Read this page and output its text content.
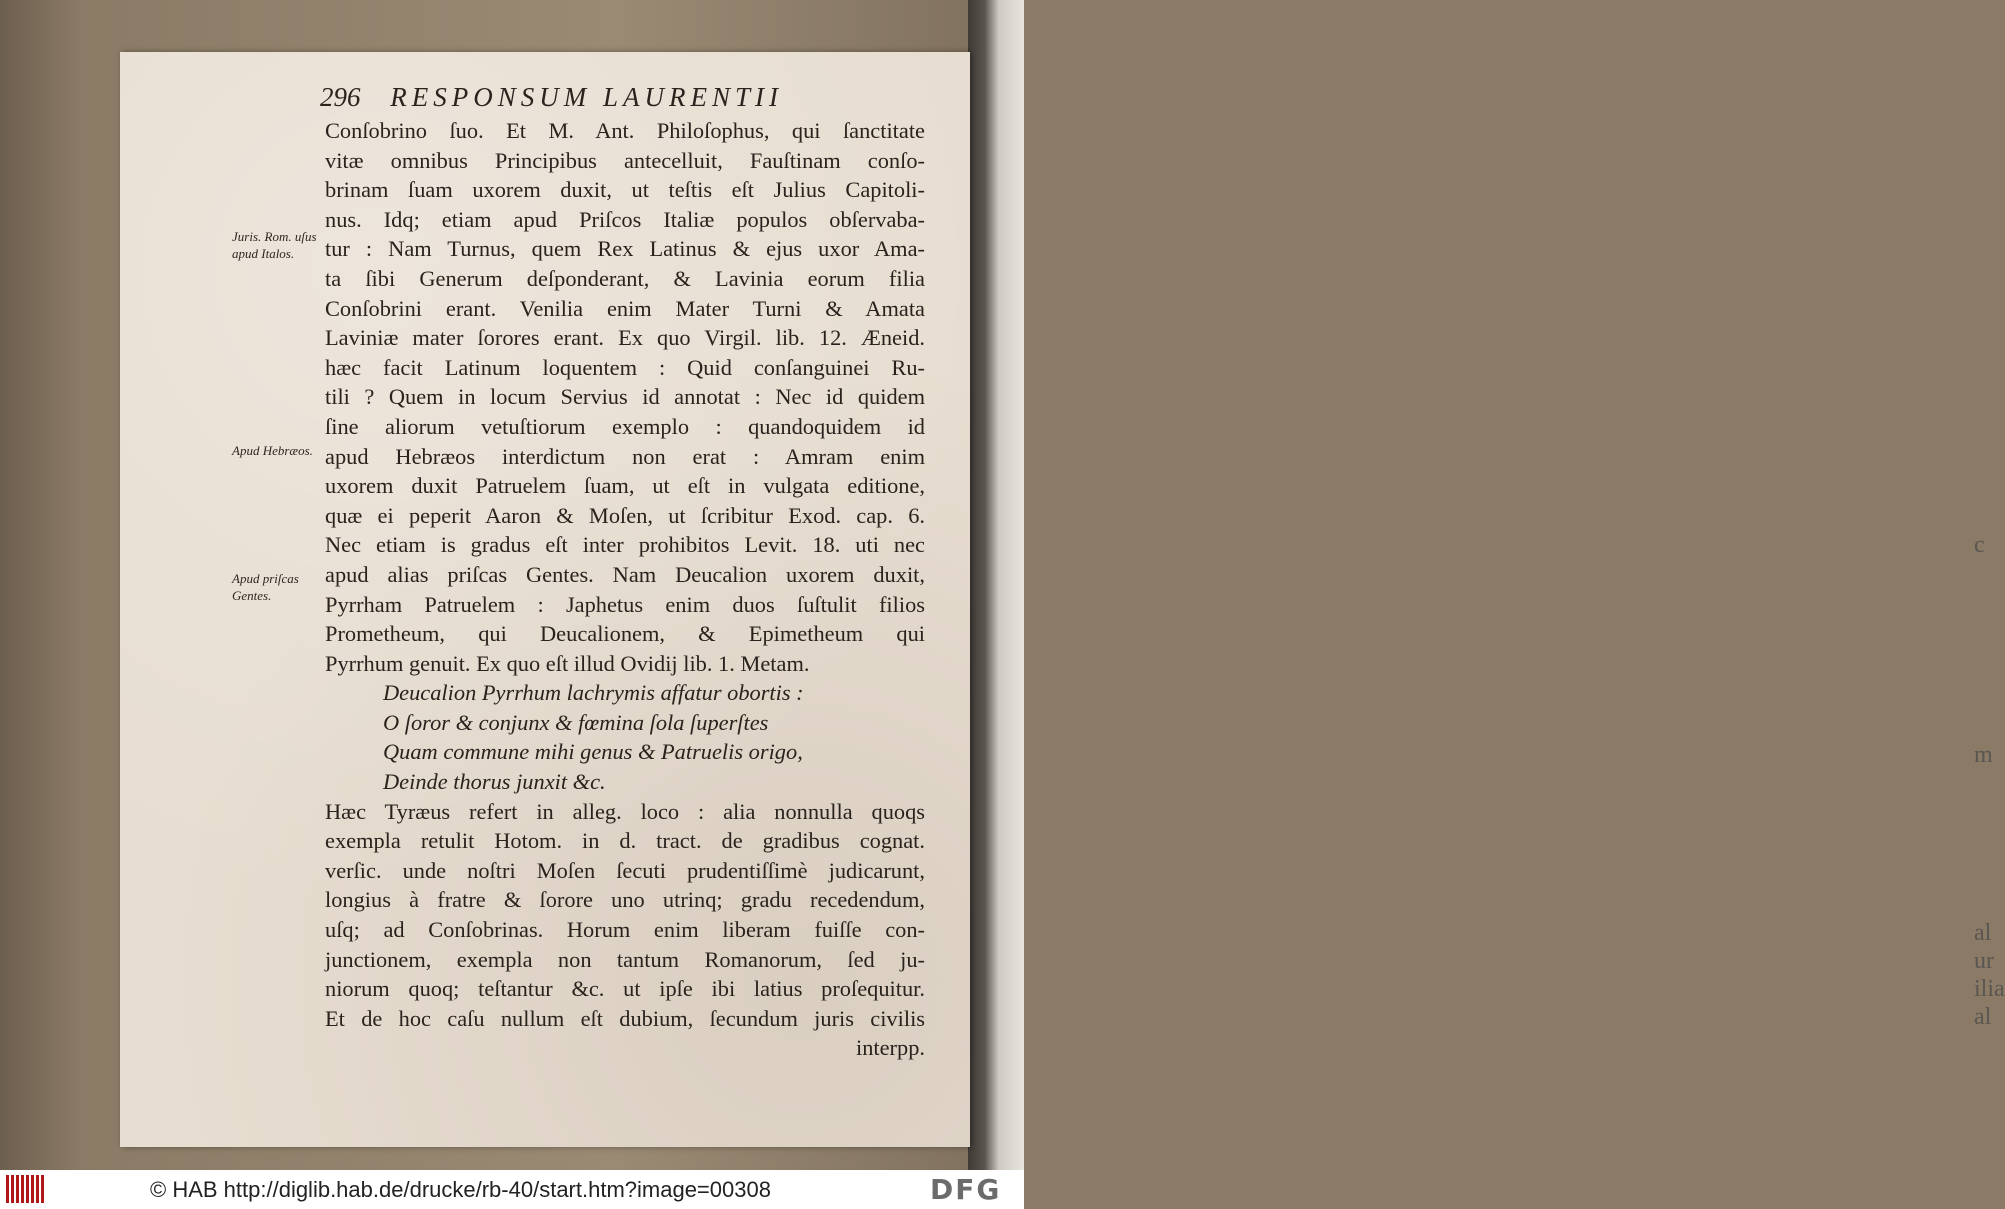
c
m
al
ur
ilia
al
296 RESPONSUM LAURENTII
Juris. Rom. uſus apud Italos.
Apud Hebræos.
Apud priſcas Gentes.
Conſobrino ſuo. Et M. Ant. Philoſophus, qui ſanctitate
vitæ omnibus Principibus antecelluit, Fauſtinam conſo-
brinam ſuam uxorem duxit, ut teſtis eſt Julius Capitoli-
nus. Idq; etiam apud Priſcos Italiæ populos obſervaba-
tur : Nam Turnus, quem Rex Latinus & ejus uxor Ama-
ta ſibi Generum deſponderant, & Lavinia eorum filia
Conſobrini erant. Venilia enim Mater Turni & Amata
Laviniæ mater ſorores erant. Ex quo Virgil. lib. 12. Æneid.
hæc facit Latinum loquentem : Quid conſanguinei Ru-
tili ? Quem in locum Servius id annotat : Nec id quidem
ſine aliorum vetuſtiorum exemplo : quandoquidem id
apud Hebræos interdictum non erat : Amram enim
uxorem duxit Patruelem ſuam, ut eſt in vulgata editione,
quæ ei peperit Aaron & Moſen, ut ſcribitur Exod. cap. 6.
Nec etiam is gradus eſt inter prohibitos Levit. 18. uti nec
apud alias priſcas Gentes. Nam Deucalion uxorem duxit,
Pyrrham Patruelem : Japhetus enim duos ſuſtulit filios
Prometheum, qui Deucalionem, & Epimetheum qui
Pyrrhum genuit. Ex quo eſt illud Ovidij lib. 1. Metam.
Deucalion Pyrrhum lachrymis affatur obortis :
O ſoror & conjunx & fœmina ſola ſuperſtes
Quam commune mihi genus & Patruelis origo,
Deinde thorus junxit &c.
Hæc Tyræus refert in alleg. loco : alia nonnulla quoqs
exempla retulit Hotom. in d. tract. de gradibus cognat.
verſic. unde noſtri Moſen ſecuti prudentiſſimè judicarunt,
longius à fratre & ſorore uno utrinq; gradu recedendum,
uſq; ad Conſobrinas. Horum enim liberam fuiſſe con-
junctionem, exempla non tantum Romanorum, ſed ju-
niorum quoq; teſtantur &c. ut ipſe ibi latius proſequitur.
Et de hoc caſu nullum eſt dubium, ſecundum juris civilis
interpp.
© HAB http://diglib.hab.de/drucke/rb-40/start.htm?image=00308	DFG
